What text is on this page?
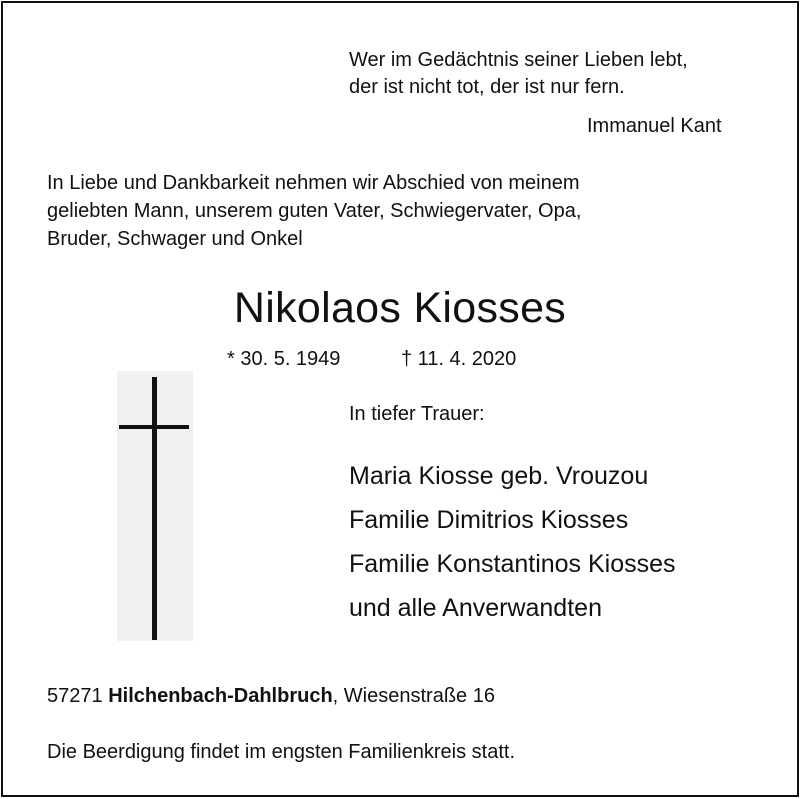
Wer im Gedächtnis seiner Lieben lebt,
der ist nicht tot, der ist nur fern.
Immanuel Kant
In Liebe und Dankbarkeit nehmen wir Abschied von meinem
geliebten Mann, unserem guten Vater, Schwiegervater, Opa,
Bruder, Schwager und Onkel
Nikolaos Kiosses
* 30. 5. 1949	† 11. 4. 2020
In tiefer Trauer:
Maria Kiosse geb. Vrouzou
Familie Dimitrios Kiosses
Familie Konstantinos Kiosses
und alle Anverwandten
57271 Hilchenbach-Dahlbruch, Wiesenstraße 16
Die Beerdigung findet im engsten Familienkreis statt.
